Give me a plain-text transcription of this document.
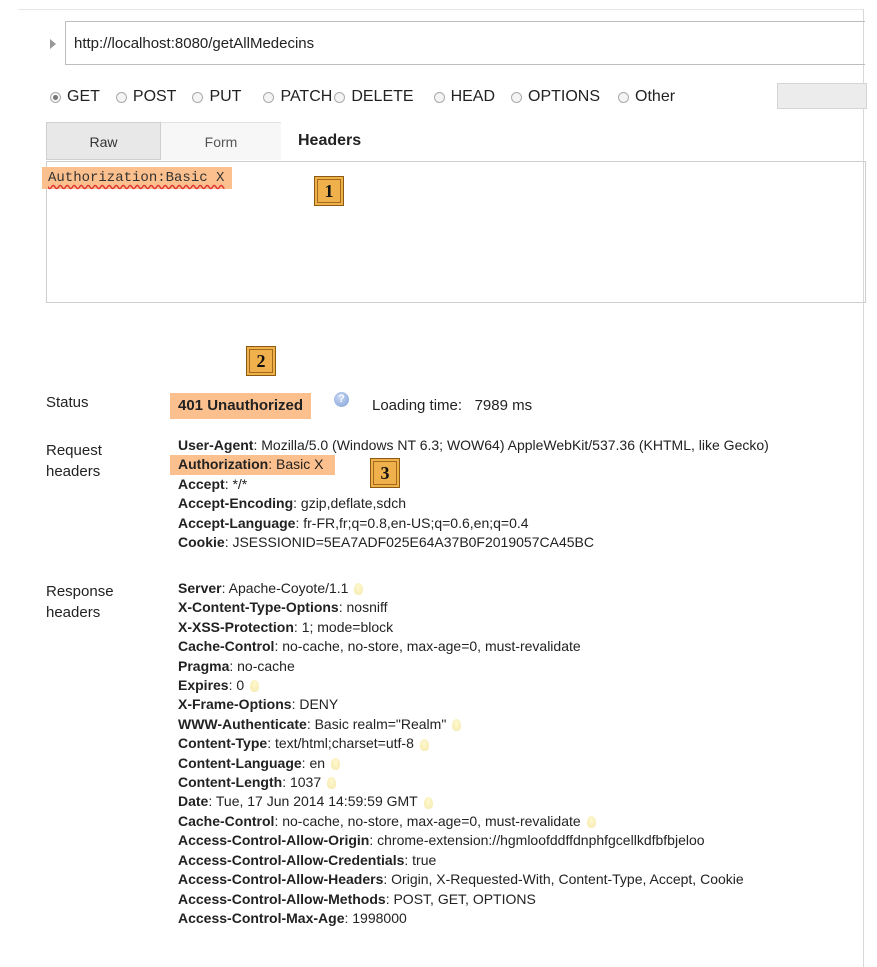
http://localhost:8080/getAllMedecins
GET POST PUT PATCH DELETE HEAD OPTIONS Other
Raw	Form	Headers
Authorization:Basic X
1
2
3
Status	401 Unauthorized	? Loading time: 7989 ms
Request headers
User-Agent: Mozilla/5.0 (Windows NT 6.3; WOW64) AppleWebKit/537.36 (KHTML, like Gecko)
Authorization: Basic X
Accept: */*
Accept-Encoding: gzip,deflate,sdch
Accept-Language: fr-FR,fr;q=0.8,en-US;q=0.6,en;q=0.4
Cookie: JSESSIONID=5EA7ADF025E64A37B0F2019057CA45BC
Response headers
Server: Apache-Coyote/1.1
X-Content-Type-Options: nosniff
X-XSS-Protection: 1; mode=block
Cache-Control: no-cache, no-store, max-age=0, must-revalidate
Pragma: no-cache
Expires: 0
X-Frame-Options: DENY
WWW-Authenticate: Basic realm="Realm"
Content-Type: text/html;charset=utf-8
Content-Language: en
Content-Length: 1037
Date: Tue, 17 Jun 2014 14:59:59 GMT
Cache-Control: no-cache, no-store, max-age=0, must-revalidate
Access-Control-Allow-Origin: chrome-extension://hgmloofddffdnphfgcellkdfbfbjeloo
Access-Control-Allow-Credentials: true
Access-Control-Allow-Headers: Origin, X-Requested-With, Content-Type, Accept, Cookie
Access-Control-Allow-Methods: POST, GET, OPTIONS
Access-Control-Max-Age: 1998000
